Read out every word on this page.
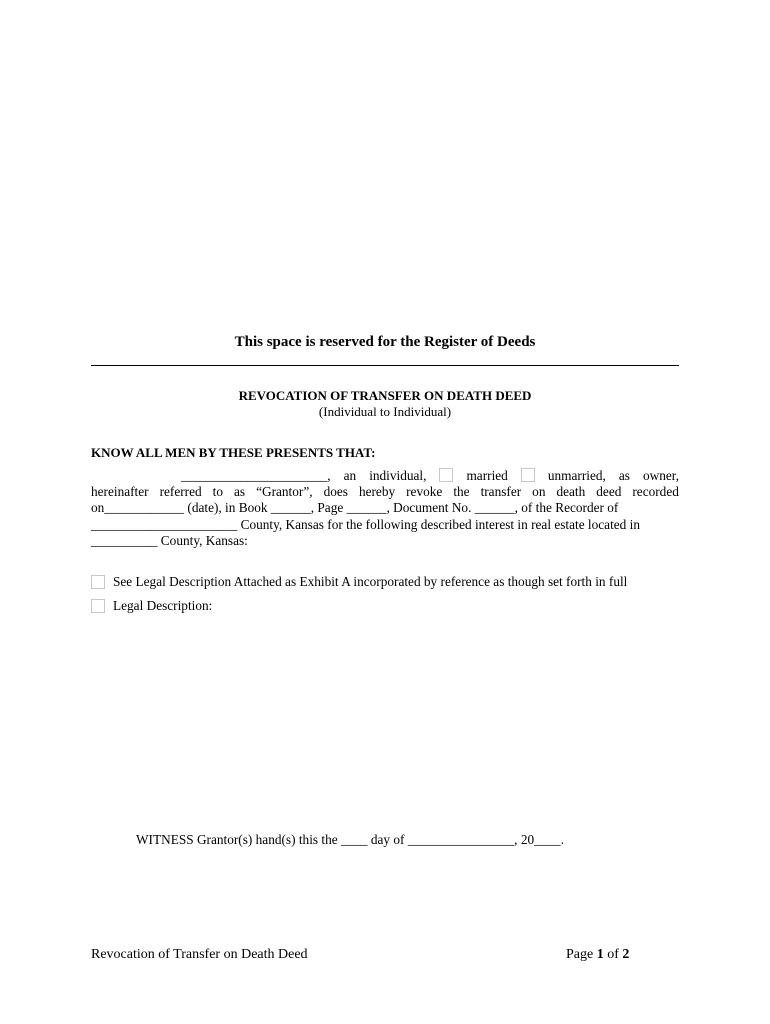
This space is reserved for the Register of Deeds
REVOCATION OF TRANSFER ON DEATH DEED
(Individual to Individual)
KNOW ALL MEN BY THESE PRESENTS THAT:
______________________, an individual,	married	unmarried, as owner,
hereinafter referred to as “Grantor”, does hereby revoke the transfer on death deed recorded
on____________ (date), in Book ______, Page ______, Document No. ______, of the Recorder of
______________________ County, Kansas for the following described interest in real estate located in
__________ County, Kansas:
See Legal Description Attached as Exhibit A incorporated by reference as though set forth in full
Legal Description:
WITNESS Grantor(s) hand(s) this the ____ day of ________________, 20____.
Revocation of Transfer on Death Deed	Page 1 of 2
